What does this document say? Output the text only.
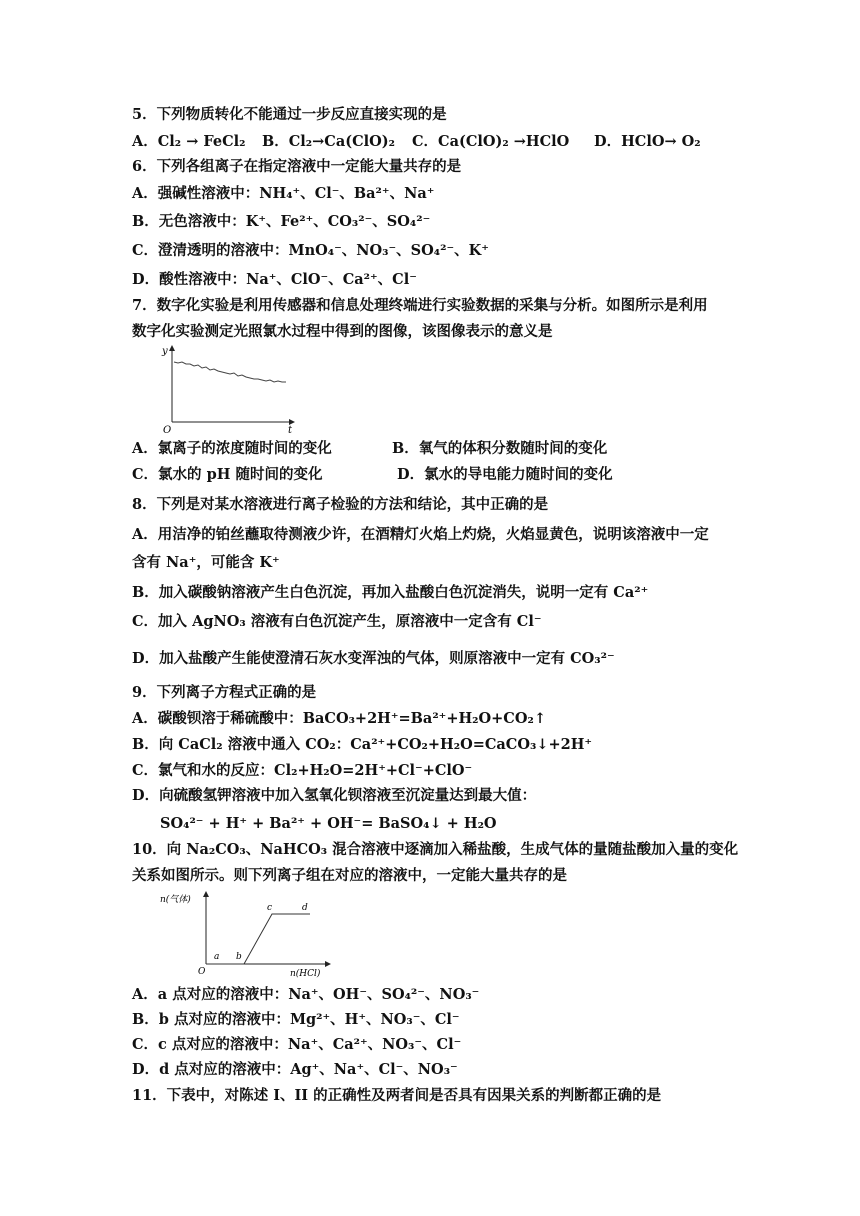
5．下列物质转化不能通过一步反应直接实现的是
A．Cl₂ → FeCl₂	B．Cl₂→Ca(ClO)₂	C．Ca(ClO)₂ →HClO	D．HClO→ O₂
6．下列各组离子在指定溶液中一定能大量共存的是
A．强碱性溶液中：NH₄⁺、Cl⁻、Ba²⁺、Na⁺
B．无色溶液中：K⁺、Fe²⁺、CO₃²⁻、SO₄²⁻
C．澄清透明的溶液中：MnO₄⁻、NO₃⁻、SO₄²⁻、K⁺
D．酸性溶液中：Na⁺、ClO⁻、Ca²⁺、Cl⁻
7．数字化实验是利用传感器和信息处理终端进行实验数据的采集与分析。如图所示是利用
数字化实验测定光照氯水过程中得到的图像，该图像表示的意义是
y
t
O
A．氯离子的浓度随时间的变化	B．氧气的体积分数随时间的变化
C．氯水的 pH 随时间的变化	D．氯水的导电能力随时间的变化
8．下列是对某水溶液进行离子检验的方法和结论，其中正确的是
A．用洁净的铂丝蘸取待测液少许，在酒精灯火焰上灼烧，火焰显黄色，说明该溶液中一定
含有 Na⁺，可能含 K⁺
B．加入碳酸钠溶液产生白色沉淀，再加入盐酸白色沉淀消失，说明一定有 Ca²⁺
C．加入 AgNO₃ 溶液有白色沉淀产生，原溶液中一定含有 Cl⁻
D．加入盐酸产生能使澄清石灰水变浑浊的气体，则原溶液中一定有 CO₃²⁻
9．下列离子方程式正确的是
A．碳酸钡溶于稀硫酸中：BaCO₃+2H⁺=Ba²⁺+H₂O+CO₂↑
B．向 CaCl₂ 溶液中通入 CO₂：Ca²⁺+CO₂+H₂O=CaCO₃↓+2H⁺
C．氯气和水的反应：Cl₂+H₂O=2H⁺+Cl⁻+ClO⁻
D．向硫酸氢钾溶液中加入氢氧化钡溶液至沉淀量达到最大值：
SO₄²⁻ + H⁺ + Ba²⁺ + OH⁻= BaSO₄↓ + H₂O
10．向 Na₂CO₃、NaHCO₃ 混合溶液中逐滴加入稀盐酸，生成气体的量随盐酸加入量的变化
关系如图所示。则下列离子组在对应的溶液中，一定能大量共存的是
n(气体)
n(HCl)
O
a b
c	d
A．a 点对应的溶液中：Na⁺、OH⁻、SO₄²⁻、NO₃⁻
B．b 点对应的溶液中：Mg²⁺、H⁺、NO₃⁻、Cl⁻
C．c 点对应的溶液中：Na⁺、Ca²⁺、NO₃⁻、Cl⁻
D．d 点对应的溶液中：Ag⁺、Na⁺、Cl⁻、NO₃⁻
11．下表中，对陈述 I、II 的正确性及两者间是否具有因果关系的判断都正确的是
